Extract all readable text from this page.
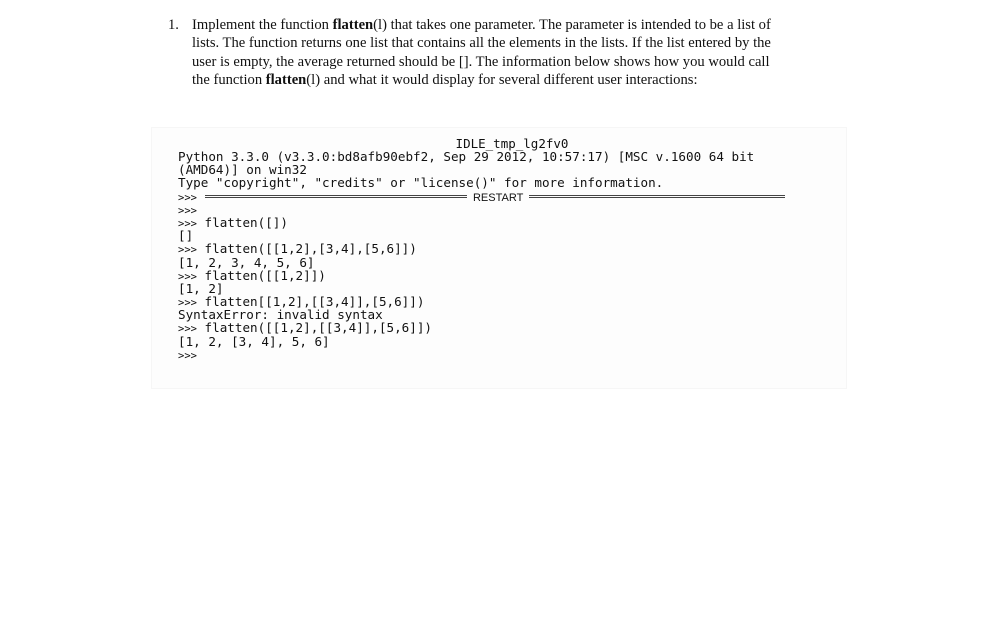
1. Implement the function flatten(l) that takes one parameter. The parameter is intended to be a list of lists. The function returns one list that contains all the elements in the lists. If the list entered by the user is empty, the average returned should be []. The information below shows how you would call the function flatten(l) and what it would display for several different user interactions:
IDLE_tmp_lg2fv0
Python 3.3.0 (v3.3.0:bd8afb90ebf2, Sep 29 2012, 10:57:17) [MSC v.1600 64 bit
(AMD64)] on win32
Type "copyright", "credits" or "license()" for more information.
>>>	RESTART
>>>
>>> flatten([])
[]
>>> flatten([[1,2],[3,4],[5,6]])
[1, 2, 3, 4, 5, 6]
>>> flatten([[1,2]])
[1, 2]
>>> flatten[[1,2],[[3,4]],[5,6]])
SyntaxError: invalid syntax
>>> flatten([[1,2],[[3,4]],[5,6]])
[1, 2, [3, 4], 5, 6]
>>>
